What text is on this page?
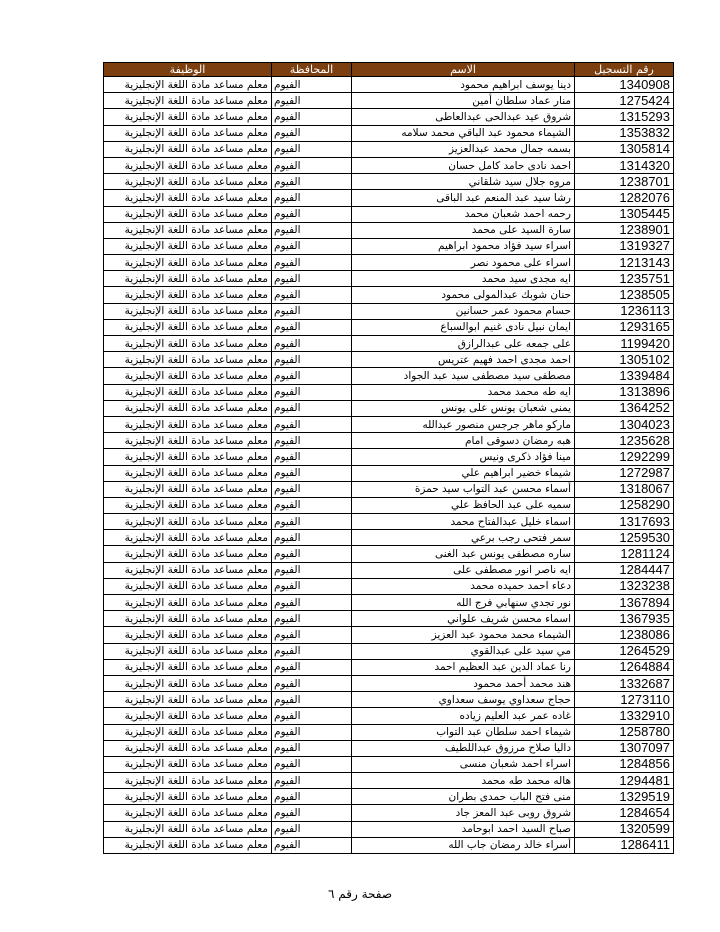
الوظيفة	المحافظة	الاسم	رقم التسجيل
معلم مساعد مادة اللغة الإنجليزية	الفيوم	دينا يوسف ابراهيم محمود	1340908
معلم مساعد مادة اللغة الإنجليزية	الفيوم	منار عماد سلطان أمين	1275424
معلم مساعد مادة اللغة الإنجليزية	الفيوم	شروق عيد عبدالحى عبدالعاطى	1315293
معلم مساعد مادة اللغة الإنجليزية	الفيوم	الشيماء محمود عبد الباقي محمد سلامه	1353832
معلم مساعد مادة اللغة الإنجليزية	الفيوم	بسمه جمال محمد عبدالعزيز	1305814
معلم مساعد مادة اللغة الإنجليزية	الفيوم	احمد نادى حامد كامل حسان	1314320
معلم مساعد مادة اللغة الإنجليزية	الفيوم	مروه جلال سيد شلقاني	1238701
معلم مساعد مادة اللغة الإنجليزية	الفيوم	رشا سيد عبد المنعم عبد الباقى	1282076
معلم مساعد مادة اللغة الإنجليزية	الفيوم	رحمه احمد شعبان محمد	1305445
معلم مساعد مادة اللغة الإنجليزية	الفيوم	سارة السيد على محمد	1238901
معلم مساعد مادة اللغة الإنجليزية	الفيوم	اسراء سيد فؤاد محمود ابراهيم	1319327
معلم مساعد مادة اللغة الإنجليزية	الفيوم	اسراء على محمود نصر	1213143
معلم مساعد مادة اللغة الإنجليزية	الفيوم	ايه مجدى سيد محمد	1235751
معلم مساعد مادة اللغة الإنجليزية	الفيوم	حنان شوبك عبدالمولى محمود	1238505
معلم مساعد مادة اللغة الإنجليزية	الفيوم	حسام محمود عمر حسانين	1236113
معلم مساعد مادة اللغة الإنجليزية	الفيوم	ايمان نبيل نادى غنيم ابوالسباع	1293165
معلم مساعد مادة اللغة الإنجليزية	الفيوم	على جمعه على عبدالرازق	1199420
معلم مساعد مادة اللغة الإنجليزية	الفيوم	احمد مجدى احمد فهيم عتريس	1305102
معلم مساعد مادة اللغة الإنجليزية	الفيوم	مصطفى سيد مصطفى سيد عبد الجواد	1339484
معلم مساعد مادة اللغة الإنجليزية	الفيوم	ايه طه محمد محمد	1313896
معلم مساعد مادة اللغة الإنجليزية	الفيوم	يمنى شعبان يونس على يونس	1364252
معلم مساعد مادة اللغة الإنجليزية	الفيوم	ماركو ماهر جرجس منصور عبدالله	1304023
معلم مساعد مادة اللغة الإنجليزية	الفيوم	هبه رمضان دسوقى امام	1235628
معلم مساعد مادة اللغة الإنجليزية	الفيوم	مينا فؤاد ذكرى ونيس	1292299
معلم مساعد مادة اللغة الإنجليزية	الفيوم	شيماء خضير ابراهيم علي	1272987
معلم مساعد مادة اللغة الإنجليزية	الفيوم	أسماء محسن عبد التواب سيد حمزة	1318067
معلم مساعد مادة اللغة الإنجليزية	الفيوم	سميه على عبد الحافظ علي	1258290
معلم مساعد مادة اللغة الإنجليزية	الفيوم	اسماء خليل عبدالفتاح محمد	1317693
معلم مساعد مادة اللغة الإنجليزية	الفيوم	سمر فتحى رجب برعي	1259530
معلم مساعد مادة اللغة الإنجليزية	الفيوم	ساره مصطفى يونس عبد الغنى	1281124
معلم مساعد مادة اللغة الإنجليزية	الفيوم	ايه ناصر انور مصطفى على	1284447
معلم مساعد مادة اللغة الإنجليزية	الفيوم	دعاء احمد حميده محمد	1323238
معلم مساعد مادة اللغة الإنجليزية	الفيوم	نور تجدي سنهابي فرج الله	1367894
معلم مساعد مادة اللغة الإنجليزية	الفيوم	اسماء محسن شريف علواني	1367935
معلم مساعد مادة اللغة الإنجليزية	الفيوم	الشيماء محمد محمود عبد العزيز	1238086
معلم مساعد مادة اللغة الإنجليزية	الفيوم	مي سيد على عبدالقوي	1264529
معلم مساعد مادة اللغة الإنجليزية	الفيوم	رنا عماد الدين عبد العظيم احمد	1264884
معلم مساعد مادة اللغة الإنجليزية	الفيوم	هند محمد أحمد محمود	1332687
معلم مساعد مادة اللغة الإنجليزية	الفيوم	حجاج سعداوي يوسف سعداوي	1273110
معلم مساعد مادة اللغة الإنجليزية	الفيوم	غاده عمر عبد العليم زياده	1332910
معلم مساعد مادة اللغة الإنجليزية	الفيوم	شيماء احمد سلطان عبد التواب	1258780
معلم مساعد مادة اللغة الإنجليزية	الفيوم	داليا صلاح مرزوق عبداللطيف	1307097
معلم مساعد مادة اللغة الإنجليزية	الفيوم	اسراء احمد شعبان منسى	1284856
معلم مساعد مادة اللغة الإنجليزية	الفيوم	هاله محمد طه محمد	1294481
معلم مساعد مادة اللغة الإنجليزية	الفيوم	منى فتح الباب حمدى بطران	1329519
معلم مساعد مادة اللغة الإنجليزية	الفيوم	شروق روبى عبد المعز جاد	1284654
معلم مساعد مادة اللغة الإنجليزية	الفيوم	صباح السيد احمد ابوحامد	1320599
معلم مساعد مادة اللغة الإنجليزية	الفيوم	أسراء خالد رمضان جاب الله	1286411
صفحة رقم ٦
